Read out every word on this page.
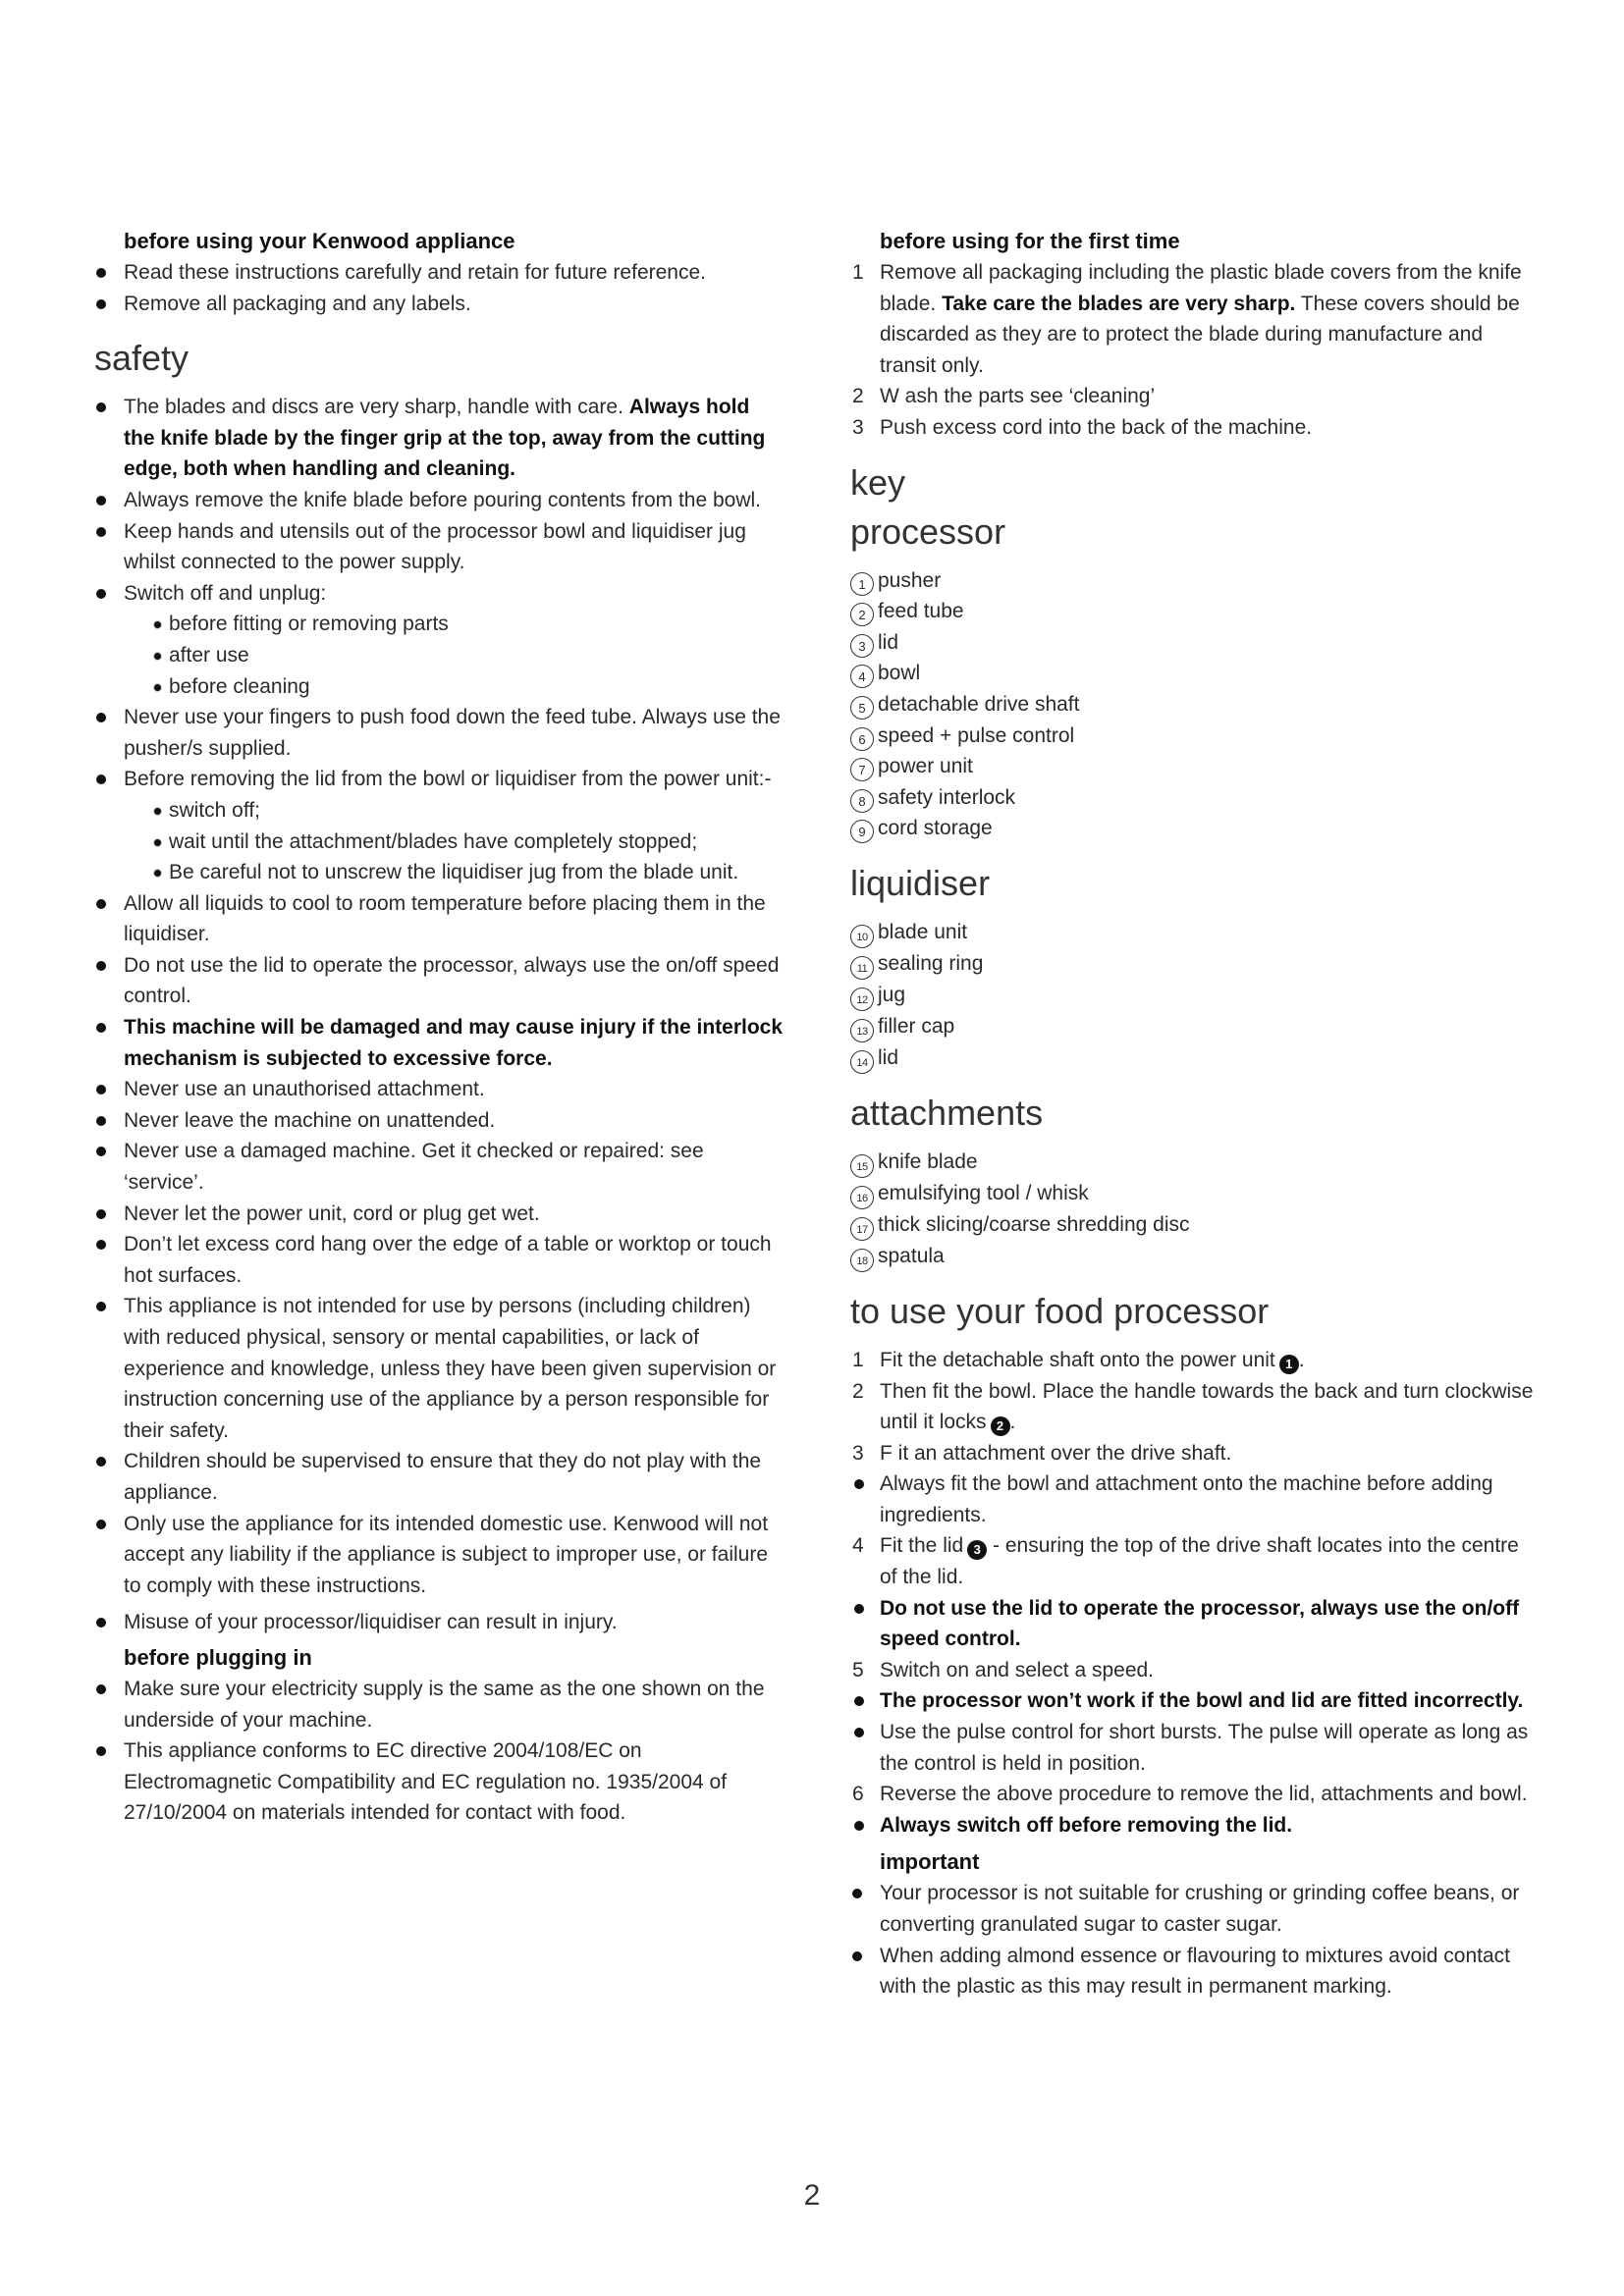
before using your Kenwood appliance
Read these instructions carefully and retain for future reference.
Remove all packaging and any labels.
safety
The blades and discs are very sharp, handle with care. Always hold the knife blade by the finger grip at the top, away from the cutting edge, both when handling and cleaning.
Always remove the knife blade before pouring contents from the bowl.
Keep hands and utensils out of the processor bowl and liquidiser jug whilst connected to the power supply.
Switch off and unplug:
before fitting or removing parts
after use
before cleaning
Never use your fingers to push food down the feed tube. Always use the pusher/s supplied.
Before removing the lid from the bowl or liquidiser from the power unit:-
switch off;
wait until the attachment/blades have completely stopped;
Be careful not to unscrew the liquidiser jug from the blade unit.
Allow all liquids to cool to room temperature before placing them in the liquidiser.
Do not use the lid to operate the processor, always use the on/off speed control.
This machine will be damaged and may cause injury if the interlock mechanism is subjected to excessive force.
Never use an unauthorised attachment.
Never leave the machine on unattended.
Never use a damaged machine. Get it checked or repaired: see ‘service’.
Never let the power unit, cord or plug get wet.
Don’t let excess cord hang over the edge of a table or worktop or touch hot surfaces.
This appliance is not intended for use by persons (including children) with reduced physical, sensory or mental capabilities, or lack of experience and knowledge, unless they have been given supervision or instruction concerning use of the appliance by a person responsible for their safety.
Children should be supervised to ensure that they do not play with the appliance.
Only use the appliance for its intended domestic use. Kenwood will not accept any liability if the appliance is subject to improper use, or failure to comply with these instructions.
Misuse of your processor/liquidiser can result in injury.
before plugging in
Make sure your electricity supply is the same as the one shown on the underside of your machine.
This appliance conforms to EC directive 2004/108/EC on Electromagnetic Compatibility and EC regulation no. 1935/2004 of 27/10/2004 on materials intended for contact with food.
before using for the first time
1 Remove all packaging including the plastic blade covers from the knife blade. Take care the blades are very sharp. These covers should be discarded as they are to protect the blade during manufacture and transit only.
2 W ash the parts see ‘cleaning’
3 Push excess cord into the back of the machine.
key
processor
1 pusher
2 feed tube
3 lid
4 bowl
5 detachable drive shaft
6 speed + pulse control
7 power unit
8 safety interlock
9 cord storage
liquidiser
10 blade unit
11 sealing ring
12 jug
13 filler cap
14 lid
attachments
15 knife blade
16 emulsifying tool / whisk
17 thick slicing/coarse shredding disc
18 spatula
to use your food processor
1 Fit the detachable shaft onto the power unit 1 .
2 Then fit the bowl. Place the handle towards the back and turn clockwise until it locks 2 .
3 F it an attachment over the drive shaft.
Always fit the bowl and attachment onto the machine before adding ingredients.
4 Fit the lid 3 - ensuring the top of the drive shaft locates into the centre of the lid.
Do not use the lid to operate the processor, always use the on/off speed control.
5 Switch on and select a speed.
The processor won’t work if the bowl and lid are fitted incorrectly.
Use the pulse control for short bursts. The pulse will operate as long as the control is held in position.
6 Reverse the above procedure to remove the lid, attachments and bowl.
Always switch off before removing the lid.
important
Your processor is not suitable for crushing or grinding coffee beans, or converting granulated sugar to caster sugar.
When adding almond essence or flavouring to mixtures avoid contact with the plastic as this may result in permanent marking.
2
